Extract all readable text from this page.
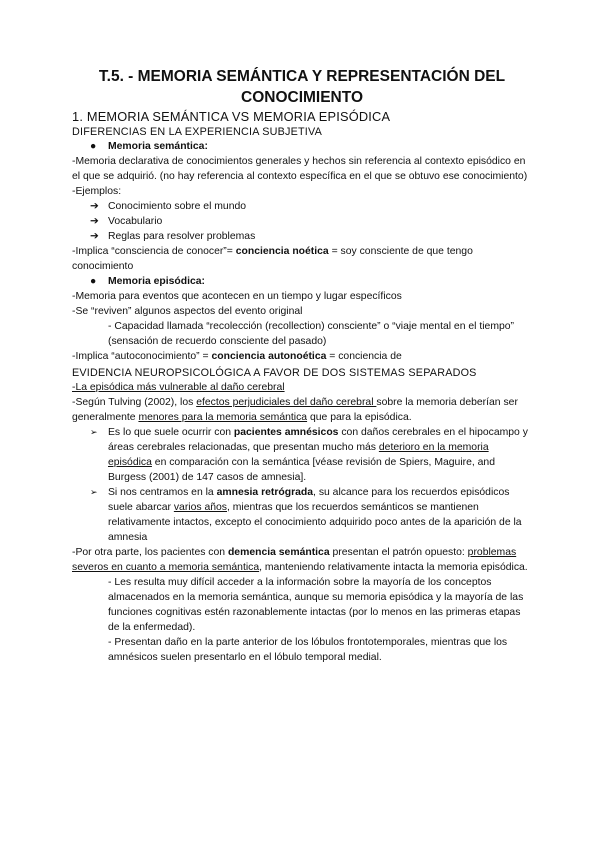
T.5. - MEMORIA SEMÁNTICA Y REPRESENTACIÓN DEL CONOCIMIENTO
1. MEMORIA SEMÁNTICA VS MEMORIA EPISÓDICA
DIFERENCIAS EN LA EXPERIENCIA SUBJETIVA
● Memoria semántica:
-Memoria declarativa de conocimientos generales y hechos sin referencia al contexto episódico en el que se adquirió. (no hay referencia al contexto específica en el que se obtuvo ese conocimiento)
-Ejemplos:
➔ Conocimiento sobre el mundo
➔ Vocabulario
➔ Reglas para resolver problemas
-Implica “consciencia de conocer”= conciencia noética = soy consciente de que tengo conocimiento
● Memoria episódica:
-Memoria para eventos que acontecen en un tiempo y lugar específicos
-Se “reviven” algunos aspectos del evento original
- Capacidad llamada “recolección (recollection) consciente” o “viaje mental en el tiempo” (sensación de recuerdo consciente del pasado)
-Implica “autoconocimiento” = conciencia autonoética = conciencia de
EVIDENCIA NEUROPSICOLÓGICA A FAVOR DE DOS SISTEMAS SEPARADOS
-La episódica más vulnerable al daño cerebral
-Según Tulving (2002), los efectos perjudiciales del daño cerebral sobre la memoria deberían ser generalmente menores para la memoria semántica que para la episódica.
➢ Es lo que suele ocurrir con pacientes amnésicos con daños cerebrales en el hipocampo y áreas cerebrales relacionadas, que presentan mucho más deterioro en la memoria episódica en comparación con la semántica [véase revisión de Spiers, Maguire, and Burgess (2001) de 147 casos de amnesia].
➢ Si nos centramos en la amnesia retrógrada, su alcance para los recuerdos episódicos suele abarcar varios años, mientras que los recuerdos semánticos se mantienen relativamente intactos, excepto el conocimiento adquirido poco antes de la aparición de la amnesia
-Por otra parte, los pacientes con demencia semántica presentan el patrón opuesto: problemas severos en cuanto a memoria semántica, manteniendo relativamente intacta la memoria episódica.
- Les resulta muy difícil acceder a la información sobre la mayoría de los conceptos almacenados en la memoria semántica, aunque su memoria episódica y la mayoría de las funciones cognitivas estén razonablemente intactas (por lo menos en las primeras etapas de la enfermedad).
- Presentan daño en la parte anterior de los lóbulos frontotemporales, mientras que los amnésicos suelen presentarlo en el lóbulo temporal medial.
